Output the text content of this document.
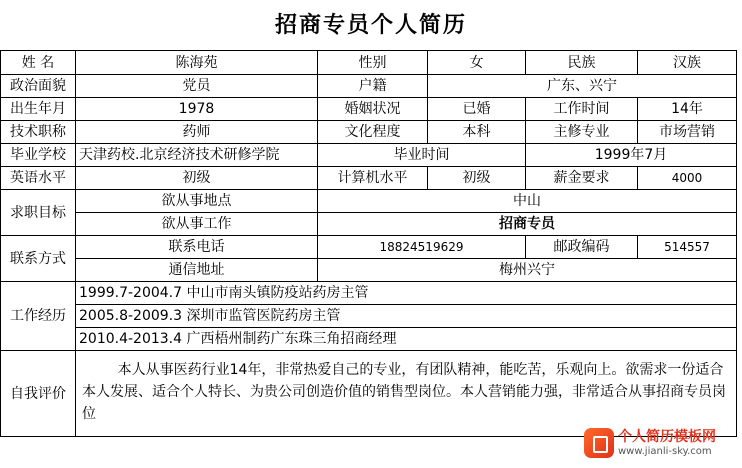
招商专员个人简历
姓 名	陈海苑	性别	女	民族	汉族
政治面貌	党员	户籍	广东、兴宁		
出生年月	1978	婚姻状况	已婚	工作时间	14年
技术职称	药师	文化程度	本科	主修专业	市场营销
毕业学校	天津药校.北京经济技术研修学院	毕业时间		1999年7月	
英语水平	初级	计算机水平	初级	薪金要求	4000
求职目标	欲从事地点	中山			
	欲从事工作	招商专员			
联系方式	联系电话	18824519629		邮政编码	514557
	通信地址	梅州兴宁			
工作经历	1999.7-2004.7 中山市南头镇防疫站药房主管				
	2005.8-2009.3 深圳市监管医院药房主管				
	2010.4-2013.4 广西梧州制药广东珠三角招商经理				
自我评价	本人从事医药行业14年，非常热爱自己的专业，有团队精神，能吃苦，乐观向上。欲需求一份适合本人发展、适合个人特长、为贵公司创造价值的销售型岗位。本人营销能力强，非常适合从事招商专员岗位				
个人简历模板网
www.jianli-sky.com
